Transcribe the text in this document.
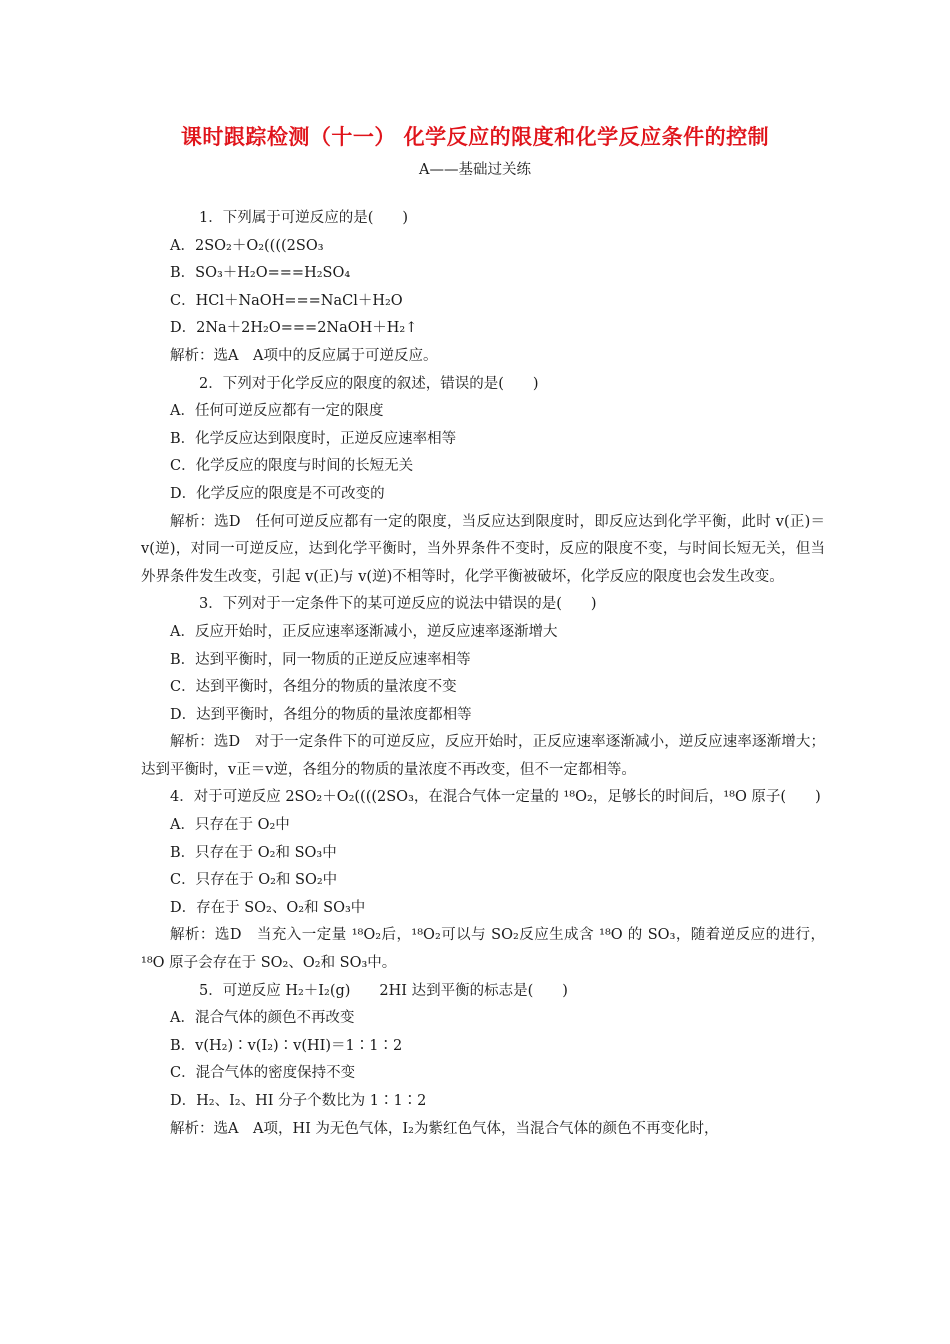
课时跟踪检测（十一） 化学反应的限度和化学反应条件的控制
A——基础过关练
1．下列属于可逆反应的是(　　)
A．2SO₂＋O₂((((2SO₃
B．SO₃＋H₂O===H₂SO₄
C．HCl＋NaOH===NaCl＋H₂O
D．2Na＋2H₂O===2NaOH＋H₂↑
解析：选A　A项中的反应属于可逆反应。
2．下列对于化学反应的限度的叙述，错误的是(　　)
A．任何可逆反应都有一定的限度
B．化学反应达到限度时，正逆反应速率相等
C．化学反应的限度与时间的长短无关
D．化学反应的限度是不可改变的
解析：选D　任何可逆反应都有一定的限度，当反应达到限度时，即反应达到化学平衡，此时 v(正)＝v(逆)，对同一可逆反应，达到化学平衡时，当外界条件不变时，反应的限度不变，与时间长短无关，但当外界条件发生改变，引起 v(正)与 v(逆)不相等时，化学平衡被破坏，化学反应的限度也会发生改变。
3．下列对于一定条件下的某可逆反应的说法中错误的是(　　)
A．反应开始时，正反应速率逐渐减小，逆反应速率逐渐增大
B．达到平衡时，同一物质的正逆反应速率相等
C．达到平衡时，各组分的物质的量浓度不变
D．达到平衡时，各组分的物质的量浓度都相等
解析：选D　对于一定条件下的可逆反应，反应开始时，正反应速率逐渐减小，逆反应速率逐渐增大；达到平衡时，v正＝v逆，各组分的物质的量浓度不再改变，但不一定都相等。
4．对于可逆反应 2SO₂＋O₂((((2SO₃，在混合气体一定量的 ¹⁸O₂，足够长的时间后，¹⁸O 原子(　　)
A．只存在于 O₂中
B．只存在于 O₂和 SO₃中
C．只存在于 O₂和 SO₂中
D．存在于 SO₂、O₂和 SO₃中
解析：选D　当充入一定量 ¹⁸O₂后，¹⁸O₂可以与 SO₂反应生成含 ¹⁸O 的 SO₃，随着逆反应的进行，¹⁸O 原子会存在于 SO₂、O₂和 SO₃中。
5．可逆反应 H₂＋I₂(g)　　2HI 达到平衡的标志是(　　)
A．混合气体的颜色不再改变
B．v(H₂)∶v(I₂)∶v(HI)＝1∶1∶2
C．混合气体的密度保持不变
D．H₂、I₂、HI 分子个数比为 1∶1∶2
解析：选A　A项，HI 为无色气体，I₂为紫红色气体，当混合气体的颜色不再变化时，
